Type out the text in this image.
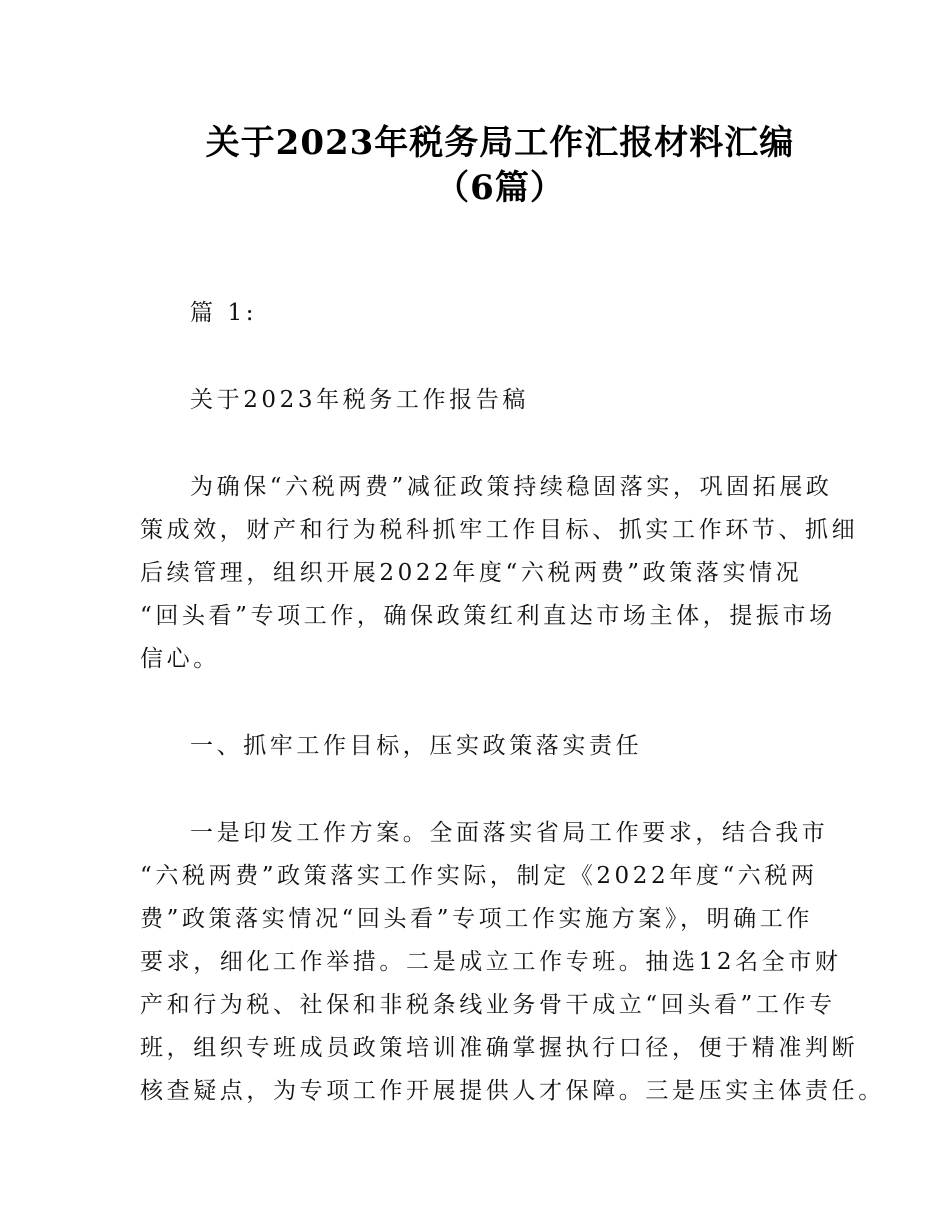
关于2023年税务局工作汇报材料汇编
（6篇）

篇 1:

关于2023年税务工作报告稿

为确保“六税两费”减征政策持续稳固落实，巩固拓展政

策成效，财产和行为税科抓牢工作目标、抓实工作环节、抓细

后续管理，组织开展2022年度“六税两费”政策落实情况

“回头看”专项工作，确保政策红利直达市场主体，提振市场

信心。

一、抓牢工作目标，压实政策落实责任

一是印发工作方案。全面落实省局工作要求，结合我市

“六税两费”政策落实工作实际，制定《2022年度“六税两

费”政策落实情况“回头看”专项工作实施方案》，明确工作

要求，细化工作举措。二是成立工作专班。抽选12名全市财

产和行为税、社保和非税条线业务骨干成立“回头看”工作专

班，组织专班成员政策培训准确掌握执行口径，便于精准判断

核查疑点，为专项工作开展提供人才保障。三是压实主体责任。
